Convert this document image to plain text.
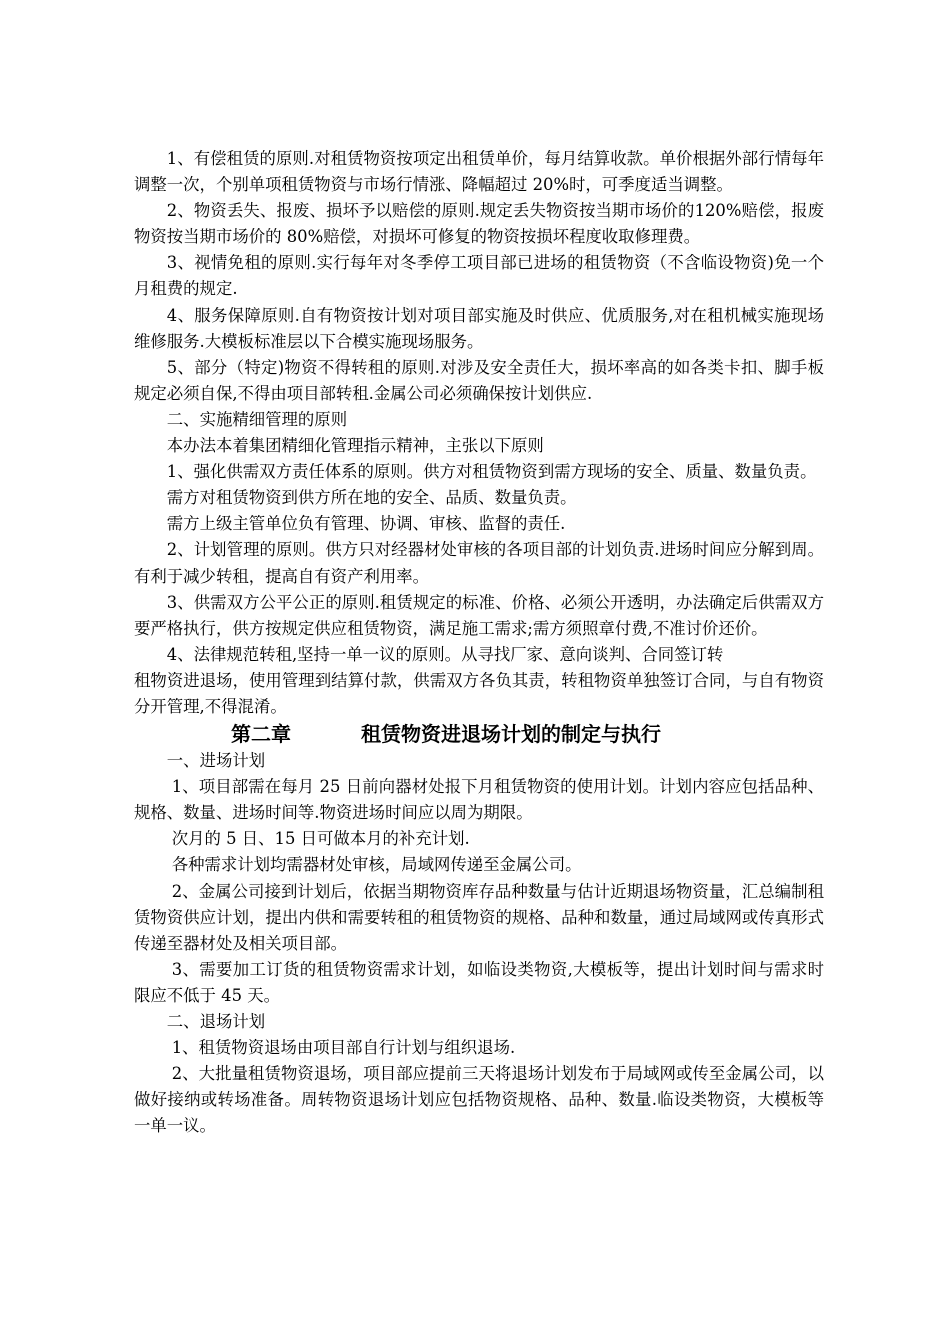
1、有偿租赁的原则.对租赁物资按项定出租赁单价，每月结算收款。单价根据外部行情每年调整一次，个别单项租赁物资与市场行情涨、降幅超过 20%时，可季度适当调整。

2、物资丢失、报废、损坏予以赔偿的原则.规定丢失物资按当期市场价的120%赔偿，报废物资按当期市场价的 80%赔偿，对损坏可修复的物资按损坏程度收取修理费。

3、视情免租的原则.实行每年对冬季停工项目部已进场的租赁物资（不含临设物资)免一个月租费的规定.

4、服务保障原则.自有物资按计划对项目部实施及时供应、优质服务,对在租机械实施现场维修服务.大模板标准层以下合模实施现场服务。

5、部分（特定)物资不得转租的原则.对涉及安全责任大，损坏率高的如各类卡扣、脚手板规定必须自保,不得由项目部转租.金属公司必须确保按计划供应.

二、实施精细管理的原则

本办法本着集团精细化管理指示精神，主张以下原则

1、强化供需双方责任体系的原则。供方对租赁物资到需方现场的安全、质量、数量负责。

需方对租赁物资到供方所在地的安全、品质、数量负责。

需方上级主管单位负有管理、协调、审核、监督的责任.

2、计划管理的原则。供方只对经器材处审核的各项目部的计划负责.进场时间应分解到周。有利于减少转租，提高自有资产利用率。

3、供需双方公平公正的原则.租赁规定的标准、价格、必须公开透明，办法确定后供需双方要严格执行，供方按规定供应租赁物资，满足施工需求;需方须照章付费,不准讨价还价。

4、法律规范转租,坚持一单一议的原则。从寻找厂家、意向谈判、合同签订转

租物资进退场，使用管理到结算付款，供需双方各负其责，转租物资单独签订合同，与自有物资分开管理,不得混淆。

第二章	租赁物资进退场计划的制定与执行

一、进场计划

1、项目部需在每月 25 日前向器材处报下月租赁物资的使用计划。计划内容应包括品种、规格、数量、进场时间等.物资进场时间应以周为期限。

次月的 5 日、15 日可做本月的补充计划.

各种需求计划均需器材处审核，局域网传递至金属公司。

2、金属公司接到计划后，依据当期物资库存品种数量与估计近期退场物资量，汇总编制租赁物资供应计划，提出内供和需要转租的租赁物资的规格、品种和数量，通过局域网或传真形式传递至器材处及相关项目部。

3、需要加工订货的租赁物资需求计划，如临设类物资,大模板等，提出计划时间与需求时限应不低于 45 天。

二、退场计划

1、租赁物资退场由项目部自行计划与组织退场.

2、大批量租赁物资退场，项目部应提前三天将退场计划发布于局域网或传至金属公司，以做好接纳或转场准备。周转物资退场计划应包括物资规格、品种、数量.临设类物资，大模板等一单一议。
